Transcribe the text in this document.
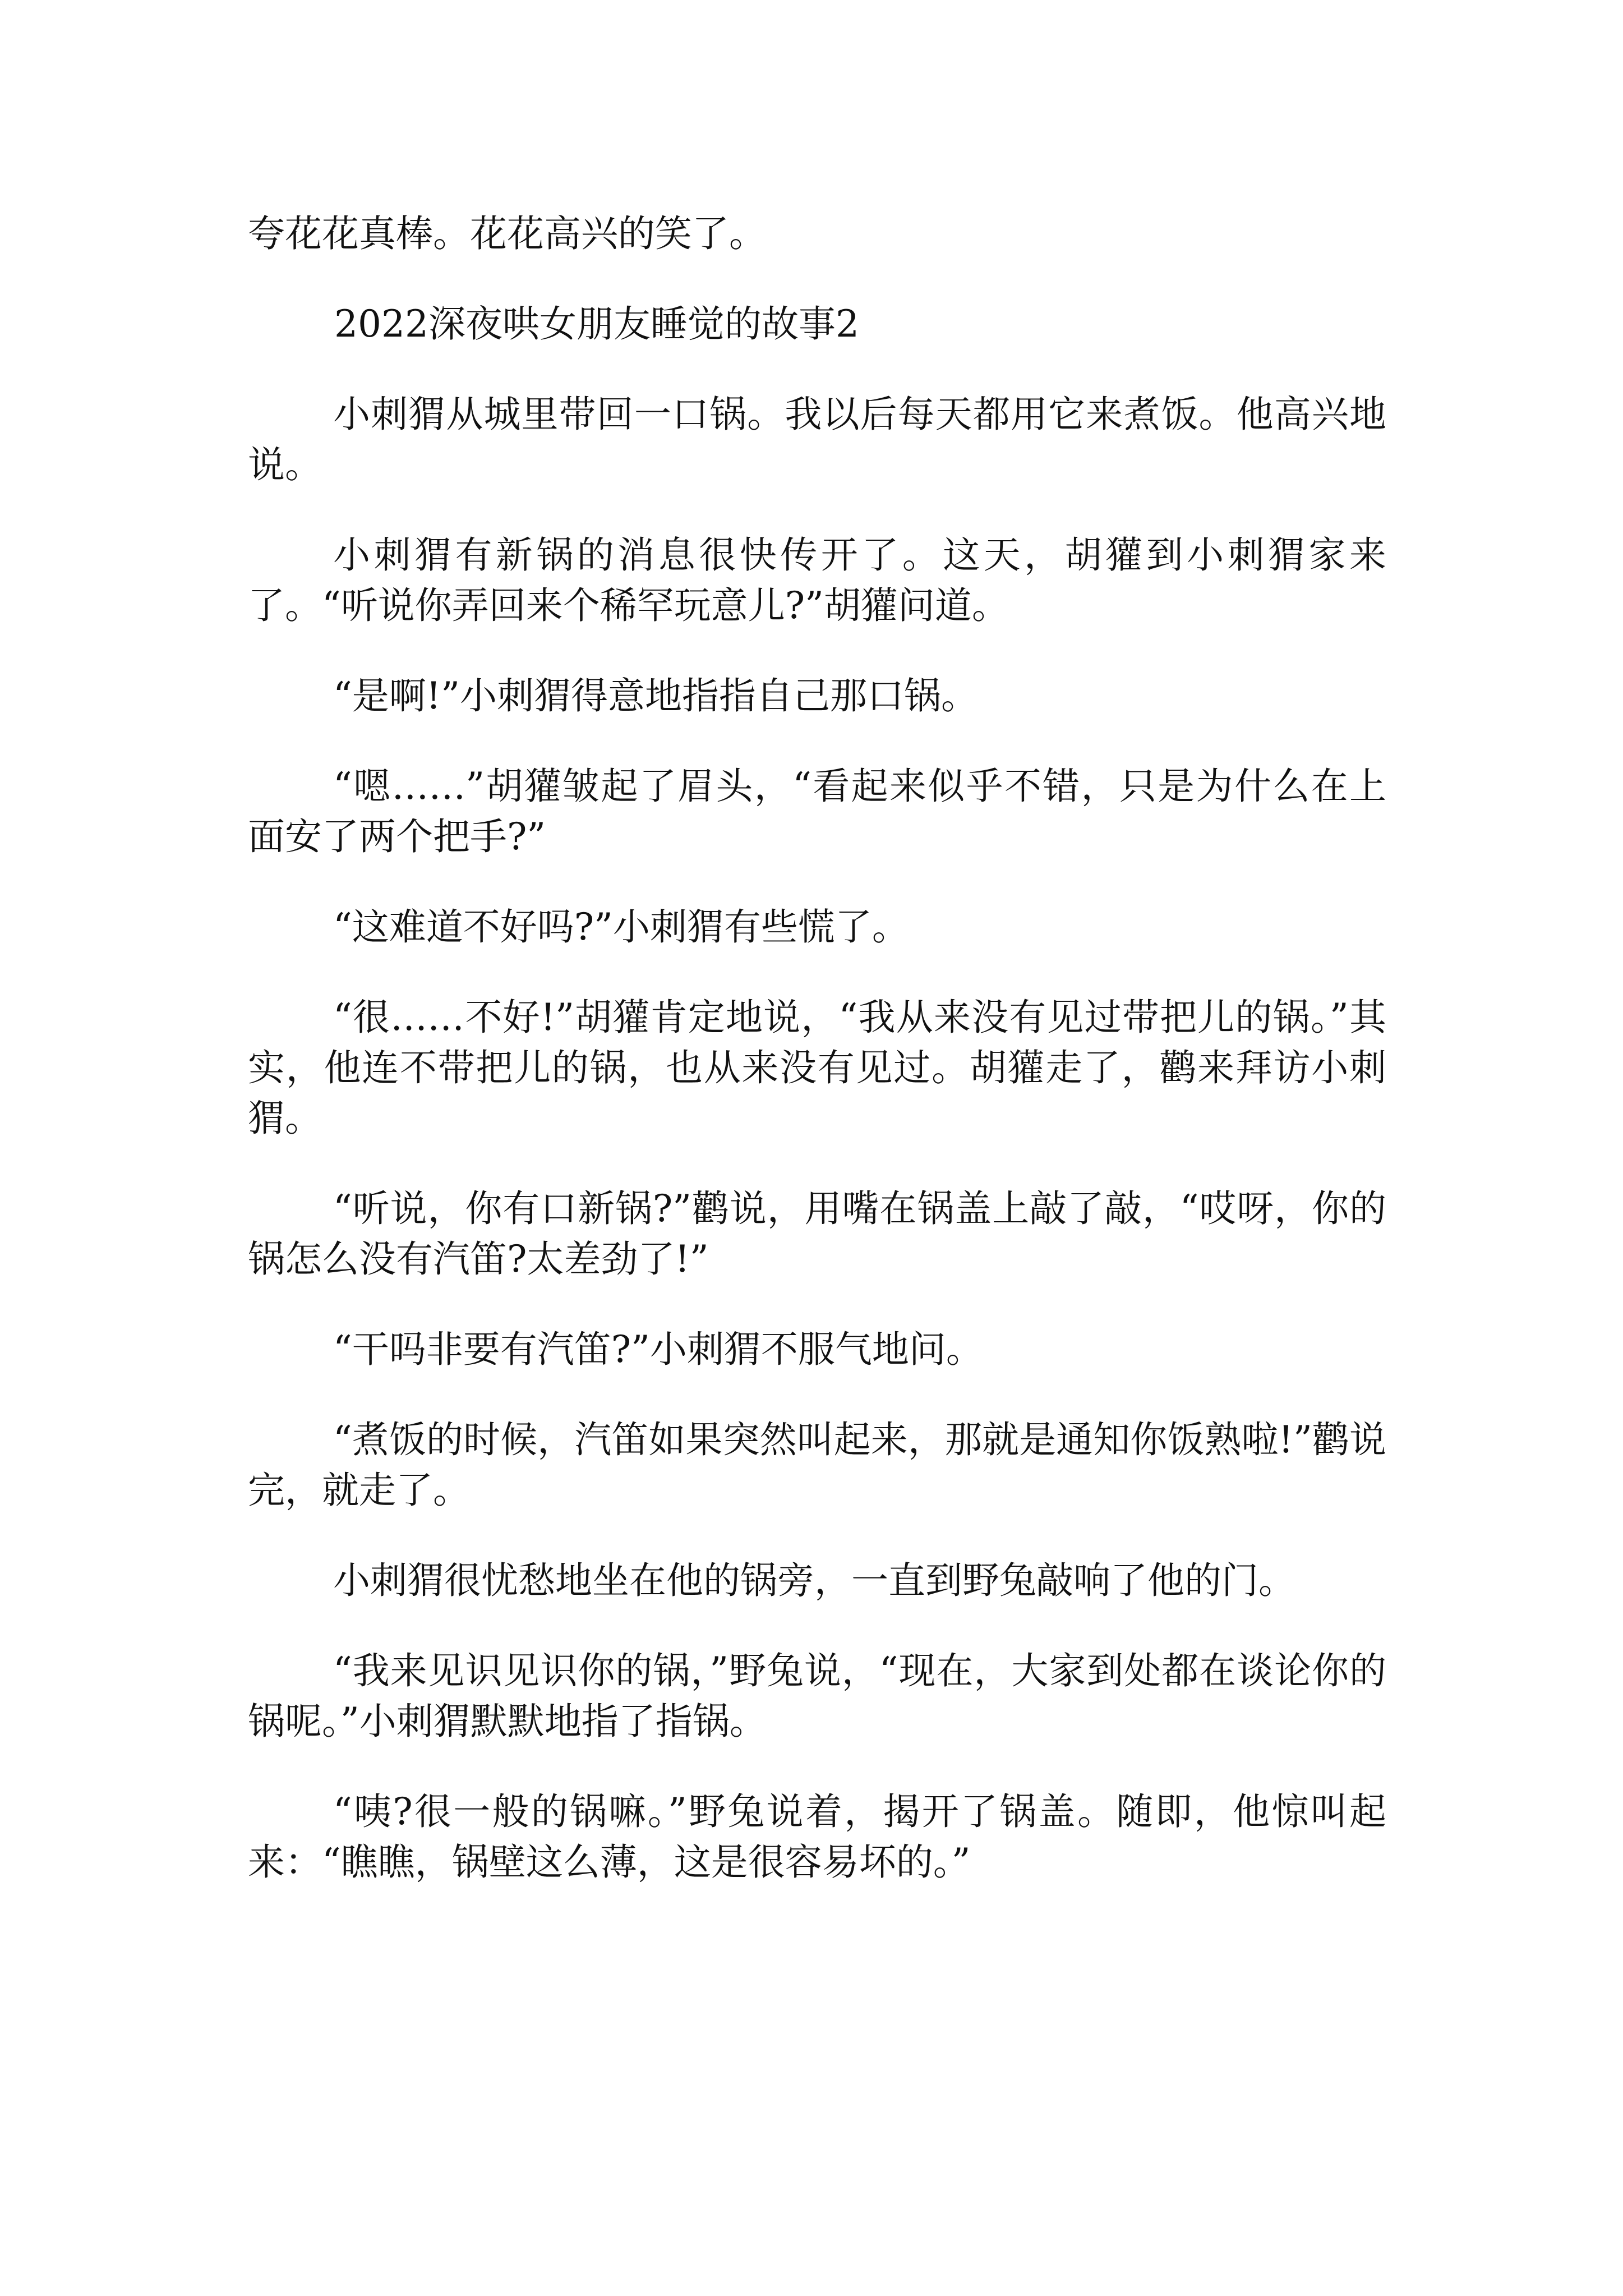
夸花花真棒。花花高兴的笑了。

2022深夜哄女朋友睡觉的故事2

小刺猬从城里带回一口锅。我以后每天都用它来煮饭。他高兴地说。

小刺猬有新锅的消息很快传开了。这天，胡獾到小刺猬家来了。“听说你弄回来个稀罕玩意儿?”胡獾问道。

“是啊!”小刺猬得意地指指自己那口锅。

“嗯……”胡獾皱起了眉头，“看起来似乎不错，只是为什么在上面安了两个把手?”

“这难道不好吗?”小刺猬有些慌了。

“很……不好!”胡獾肯定地说，“我从来没有见过带把儿的锅。”其实，他连不带把儿的锅，也从来没有见过。胡獾走了，鹳来拜访小刺猬。

“听说，你有口新锅?”鹳说，用嘴在锅盖上敲了敲，“哎呀，你的锅怎么没有汽笛?太差劲了!”

“干吗非要有汽笛?”小刺猬不服气地问。

“煮饭的时候，汽笛如果突然叫起来，那就是通知你饭熟啦!”鹳说完，就走了。

小刺猬很忧愁地坐在他的锅旁，一直到野兔敲响了他的门。

“我来见识见识你的锅，”野兔说，“现在，大家到处都在谈论你的锅呢。”小刺猬默默地指了指锅。

“咦?很一般的锅嘛。”野兔说着，揭开了锅盖。随即，他惊叫起来：“瞧瞧，锅壁这么薄，这是很容易坏的。”
